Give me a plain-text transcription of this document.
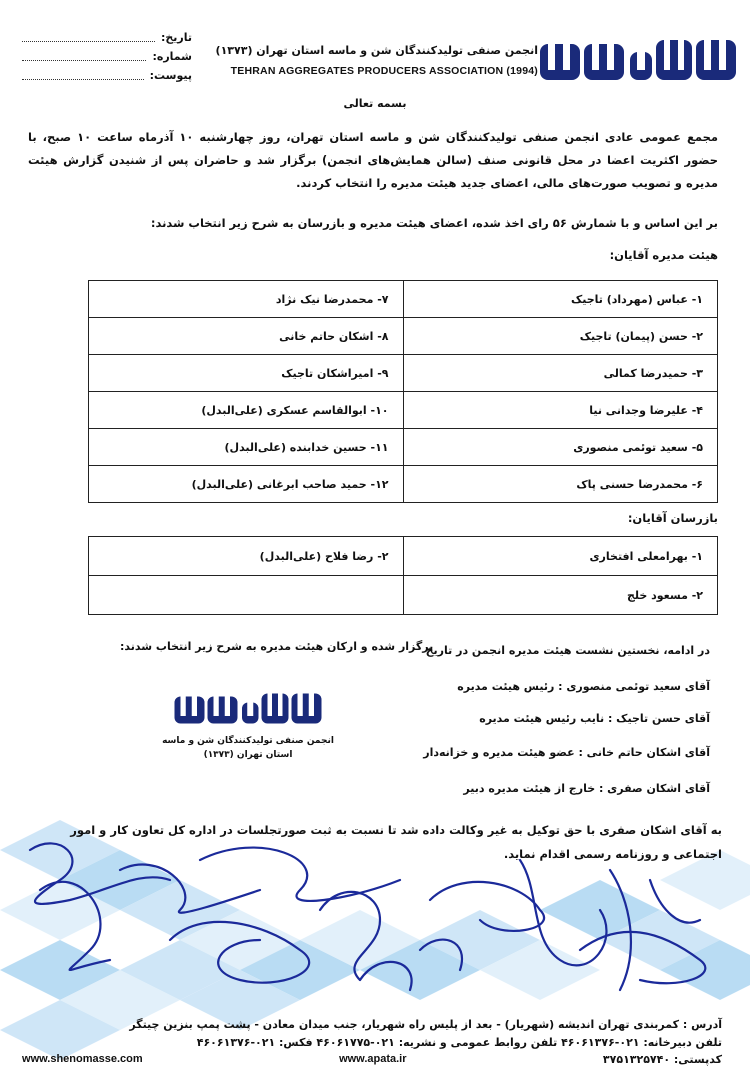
تاریخ:
شماره:
پیوست:
انجمن صنفی تولیدکنندگان شن و ماسه استان تهران (۱۳۷۳)
TEHRAN AGGREGATES PRODUCERS ASSOCIATION (1994)
بسمه تعالی
مجمع عمومی عادی انجمن صنفی تولیدکنندگان شن و ماسه استان تهران، روز چهارشنبه ۱۰ آذرماه ساعت ۱۰ صبح، با حضور اکثریت اعضا در محل قانونی صنف (سالن همایش‌های انجمن) برگزار شد و حاضران پس از شنیدن گزارش هیئت مدیره و تصویب صورت‌های مالی، اعضای جدید هیئت مدیره را انتخاب کردند.
بر این اساس و با شمارش ۵۶ رای اخذ شده، اعضای هیئت مدیره و بازرسان به شرح زیر انتخاب شدند:
هیئت مدیره آقایان:
۱- عباس (مهرداد) تاجیک	۷- محمدرضا نیک نژاد
۲- حسن (پیمان) تاجیک	۸- اشکان حاتم خانی
۳- حمیدرضا کمالی	۹- امیراشکان تاجیک
۴- علیرضا وجدانی نیا	۱۰- ابوالقاسم عسکری (علی‌البدل)
۵- سعید توئمی منصوری	۱۱- حسین خدابنده (علی‌البدل)
۶- محمدرضا حسنی پاک	۱۲- حمید صاحب ابرغانی (علی‌البدل)
بازرسان آقایان:
۱- بهرامعلی افتخاری	۲- رضا فلاح (علی‌البدل)
۲- مسعود خلج	
در ادامه، نخستین نشست هیئت مدیره انجمن در تاریخ
برگزار شده و ارکان هیئت مدیره به شرح زیر انتخاب شدند:
انجمن صنفی تولیدکنندگان شن و ماسه
استان تهران (۱۳۷۳)
آقای سعید توئمی منصوری : رئیس هیئت مدیره
آقای حسن تاجیک : نایب رئیس هیئت مدیره
آقای اشکان حاتم خانی : عضو هیئت مدیره و خزانه‌دار
آقای اشکان صفری : خارج از هیئت مدیره دبیر
به آقای اشکان صفری با حق توکیل به غیر وکالت داده شد تا نسبت به ثبت صورتجلسات در اداره کل تعاون کار و امور اجتماعی و روزنامه رسمی اقدام نماید.
آدرس : کمربندی تهران اندیشه (شهریار) - بعد از پلیس راه شهریار، جنب میدان معادن - پشت پمپ بنزین چیتگر
تلفن دبیرخانه: ۰۲۱-۴۶۰۶۱۳۷۶ تلفن روابط عمومی و نشریه: ۰۲۱-۴۶۰۶۱۷۷۵ فکس: ۰۲۱-۴۶۰۶۱۳۷۶
کدپستی: ۳۷۵۱۳۲۵۷۴۰
www.apata.ir
www.shenomasse.com
